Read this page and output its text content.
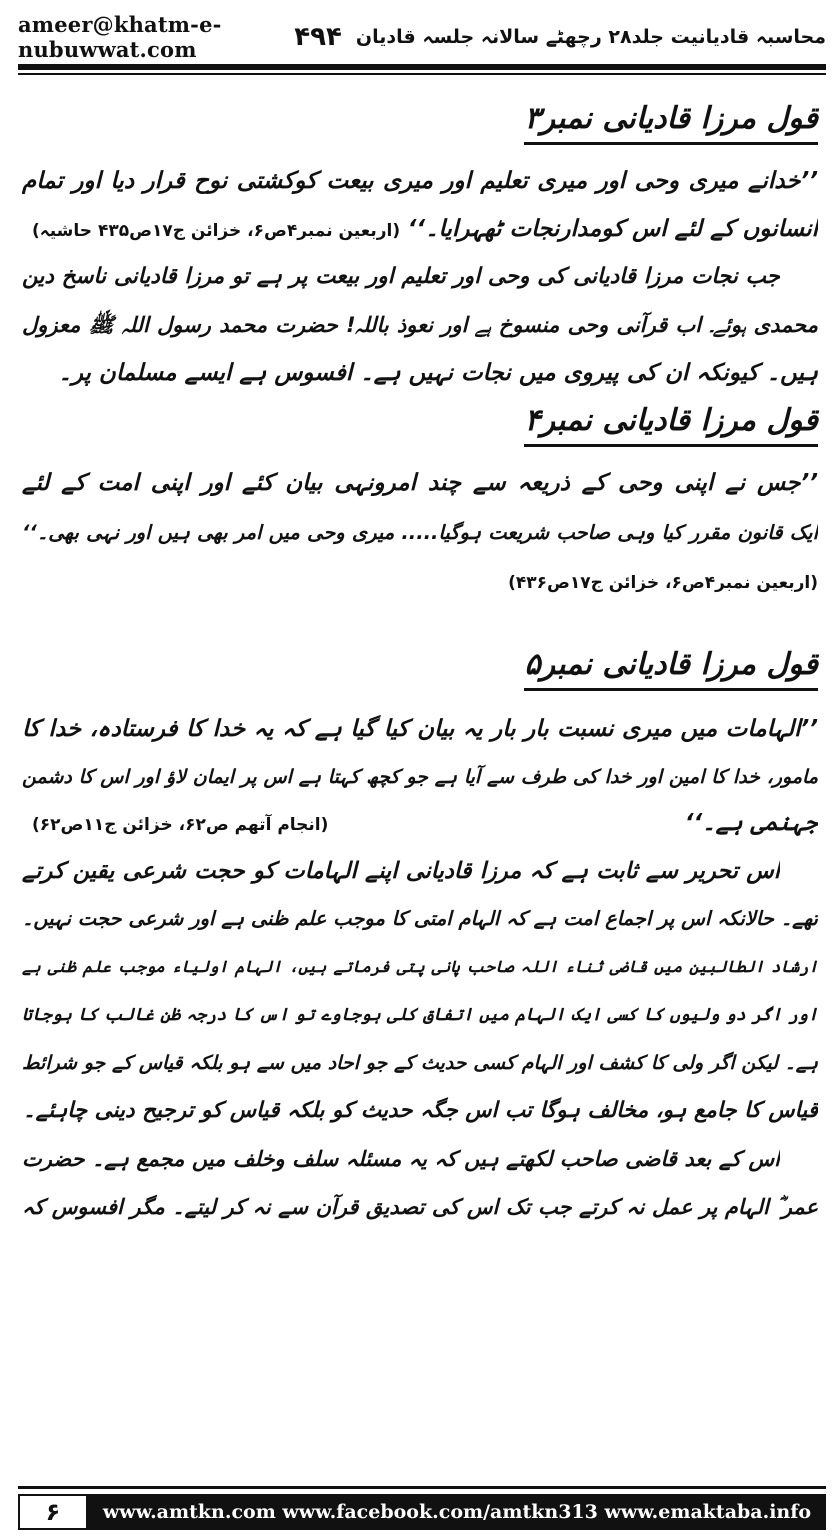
ameer@khatm-e-nubuwwat.com	محاسبہ قادیانیت جلد۲۸ رچھٹے سالانہ جلسہ قادیان
۴۹۴
قول مرزا قادیانی نمبر۳
’’خدانے میری وحی اور میری تعلیم اور میری بیعت کوکشتی نوح قرار دیا اور تمام
انسانوں کے لئے اس کومدارنجات ٹھہرایا۔‘‘
(اربعین نمبر۴ص۶، خزائن ج۱۷ص۴۳۵ حاشیہ)
جب نجات مرزا قادیانی کی وحی اور تعلیم اور بیعت پر ہے تو مرزا قادیانی ناسخ دین
محمدی ہوئے۔ اب قرآنی وحی منسوخ ہے اور نعوذ باللہ! حضرت محمد رسول اللہ ﷺ معزول
ہیں۔ کیونکہ ان کی پیروی میں نجات نہیں ہے۔ افسوس ہے ایسے مسلمان پر۔
قول مرزا قادیانی نمبر۴
’’جس نے اپنی وحی کے ذریعہ سے چند امرونہی بیان کئے اور اپنی امت کے لئے
ایک قانون مقرر کیا وہی صاحب شریعت ہوگیا..... میری وحی میں امر بھی ہیں اور نہی بھی۔‘‘
(اربعین نمبر۴ص۶، خزائن ج۱۷ص۴۳۶)
قول مرزا قادیانی نمبر۵
’’الہامات میں میری نسبت بار بار یہ بیان کیا گیا ہے کہ یہ خدا کا فرستادہ، خدا کا
مامور، خدا کا امین اور خدا کی طرف سے آیا ہے جو کچھ کہتا ہے اس پر ایمان لاؤ اور اس کا دشمن
جہنمی ہے۔‘‘
(انجام آتھم ص۶۲، خزائن ج۱۱ص۶۲)
اس تحریر سے ثابت ہے کہ مرزا قادیانی اپنے الہامات کو حجت شرعی یقین کرتے
تھے۔ حالانکہ اس پر اجماع امت ہے کہ الہام امتی کا موجب علم ظنی ہے اور شرعی حجت نہیں۔
ارشاد الطالبین میں قاضی ثناء اللہ صاحب پانی پتی فرماتے ہیں، الہام اولیاء موجب علم ظنی ہے
اور اگر دو ولیوں کا کسی ایک الہام میں اتفاق کلی ہوجاوے تو اس کا درجہ ظن غالب کا ہوجاتا
ہے۔ لیکن اگر ولی کا کشف اور الہام کسی حدیث کے جو احاد میں سے ہو بلکہ قیاس کے جو شرائط
قیاس کا جامع ہو، مخالف ہوگا تب اس جگہ حدیث کو بلکہ قیاس کو ترجیح دینی چاہئے۔
اس کے بعد قاضی صاحب لکھتے ہیں کہ یہ مسئلہ سلف وخلف میں مجمع ہے۔ حضرت
عمر ؓ الہام پر عمل نہ کرتے جب تک اس کی تصدیق قرآن سے نہ کر لیتے۔ مگر افسوس کہ
۶	www.amtkn.com www.facebook.com/amtkn313 www.emaktaba.info
